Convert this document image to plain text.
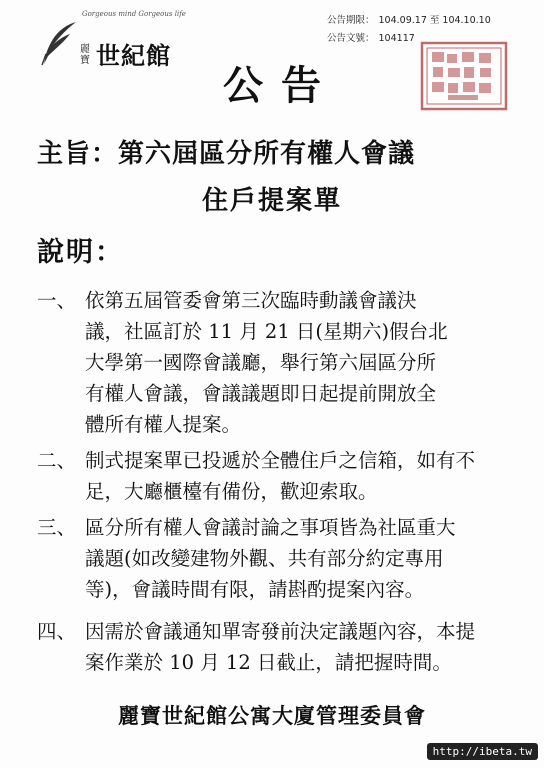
Gorgeous mind Gorgeous life
麗寶 世紀館
公告期限： 104.09.17 至 104.10.10
公告文號： 104117
公告
主旨：第六屆區分所有權人會議
住戶提案單
說明：
一、 依第五屆管委會第三次臨時動議會議決
議，社區訂於 11 月 21 日(星期六)假台北
大學第一國際會議廳，舉行第六屆區分所
有權人會議，會議議題即日起提前開放全
體所有權人提案。
二、 制式提案單已投遞於全體住戶之信箱，如有不
足，大廳櫃檯有備份，歡迎索取。
三、 區分所有權人會議討論之事項皆為社區重大
議題(如改變建物外觀、共有部分約定專用
等)，會議時間有限，請斟酌提案內容。
四、 因需於會議通知單寄發前決定議題內容，本提
案作業於 10 月 12 日截止，請把握時間。
麗寶世紀館公寓大廈管理委員會
http://ibeta.tw
